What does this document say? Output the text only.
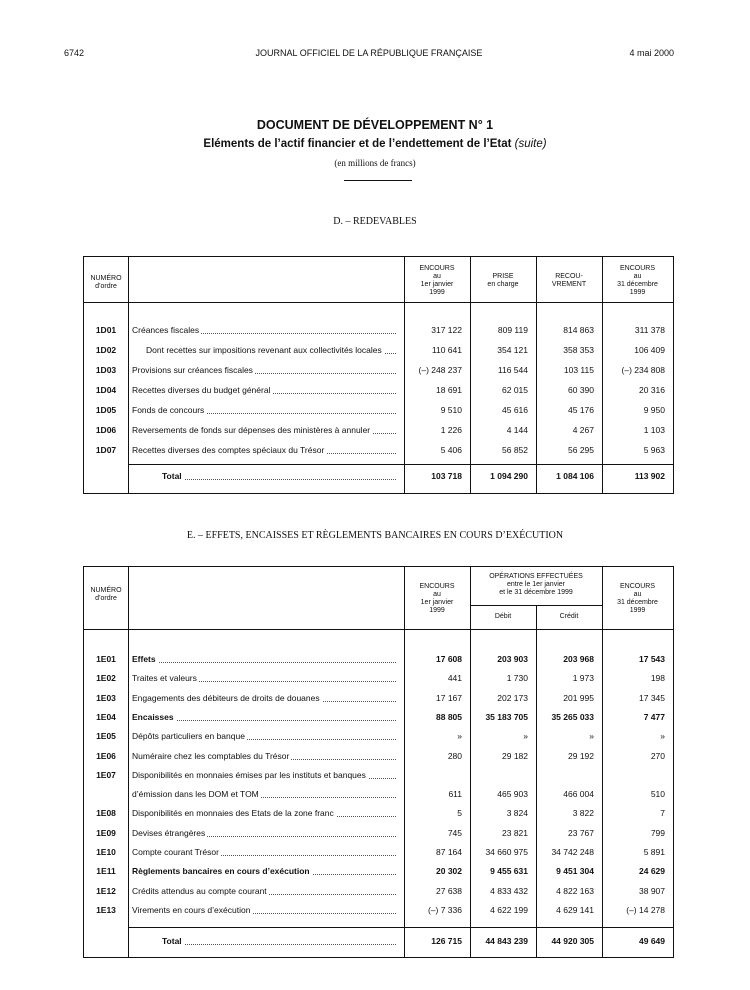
6742	JOURNAL OFFICIEL DE LA RÉPUBLIQUE FRANÇAISE	4 mai 2000
DOCUMENT DE DÉVELOPPEMENT N° 1
Eléments de l’actif financier et de l’endettement de l’Etat (suite)
(en millions de francs)
D. – REDEVABLES
NUMÉRO
d’ordre
ENCOURS
au
1er janvier
1999
PRISE
en charge
RECOU-
VREMENT
ENCOURS
au
31 décembre
1999
1D01	Créances fiscales	317 122	809 119	814 863	311 378
1D02	Dont recettes sur impositions revenant aux collectivités locales	110 641	354 121	358 353	106 409
1D03	Provisions sur créances fiscales	(–) 248 237	116 544	103 115	(–) 234 808
1D04	Recettes diverses du budget général	18 691	62 015	60 390	20 316
1D05	Fonds de concours	9 510	45 616	45 176	9 950
1D06	Reversements de fonds sur dépenses des ministères à annuler	1 226	4 144	4 267	1 103
1D07	Recettes diverses des comptes spéciaux du Trésor	5 406	56 852	56 295	5 963
Total	103 718	1 094 290	1 084 106	113 902
E. – EFFETS, ENCAISSES ET RÈGLEMENTS BANCAIRES EN COURS D’EXÉCUTION
NUMÉRO
d’ordre
ENCOURS
au
1er janvier
1999
OPÉRATIONS EFFECTUÉES
entre le 1er janvier
et le 31 décembre 1999
Débit	Crédit
ENCOURS
au
31 décembre
1999
1E01	Effets	17 608	203 903	203 968	17 543
1E02	Traites et valeurs	441	1 730	1 973	198
1E03	Engagements des débiteurs de droits de douanes	17 167	202 173	201 995	17 345
1E04	Encaisses	88 805	35 183 705	35 265 033	7 477
1E05	Dépôts particuliers en banque	»	»	»	»
1E06	Numéraire chez les comptables du Trésor	280	29 182	29 192	270
1E07	Disponibilités en monnaies émises par les instituts et banques
d’émission dans les DOM et TOM	611	465 903	466 004	510
1E08	Disponibilités en monnaies des Etats de la zone franc	5	3 824	3 822	7
1E09	Devises étrangères	745	23 821	23 767	799
1E10	Compte courant Trésor	87 164	34 660 975	34 742 248	5 891
1E11	Règlements bancaires en cours d’exécution	20 302	9 455 631	9 451 304	24 629
1E12	Crédits attendus au compte courant	27 638	4 833 432	4 822 163	38 907
1E13	Virements en cours d’exécution	(–) 7 336	4 622 199	4 629 141	(–) 14 278
Total	126 715	44 843 239	44 920 305	49 649
